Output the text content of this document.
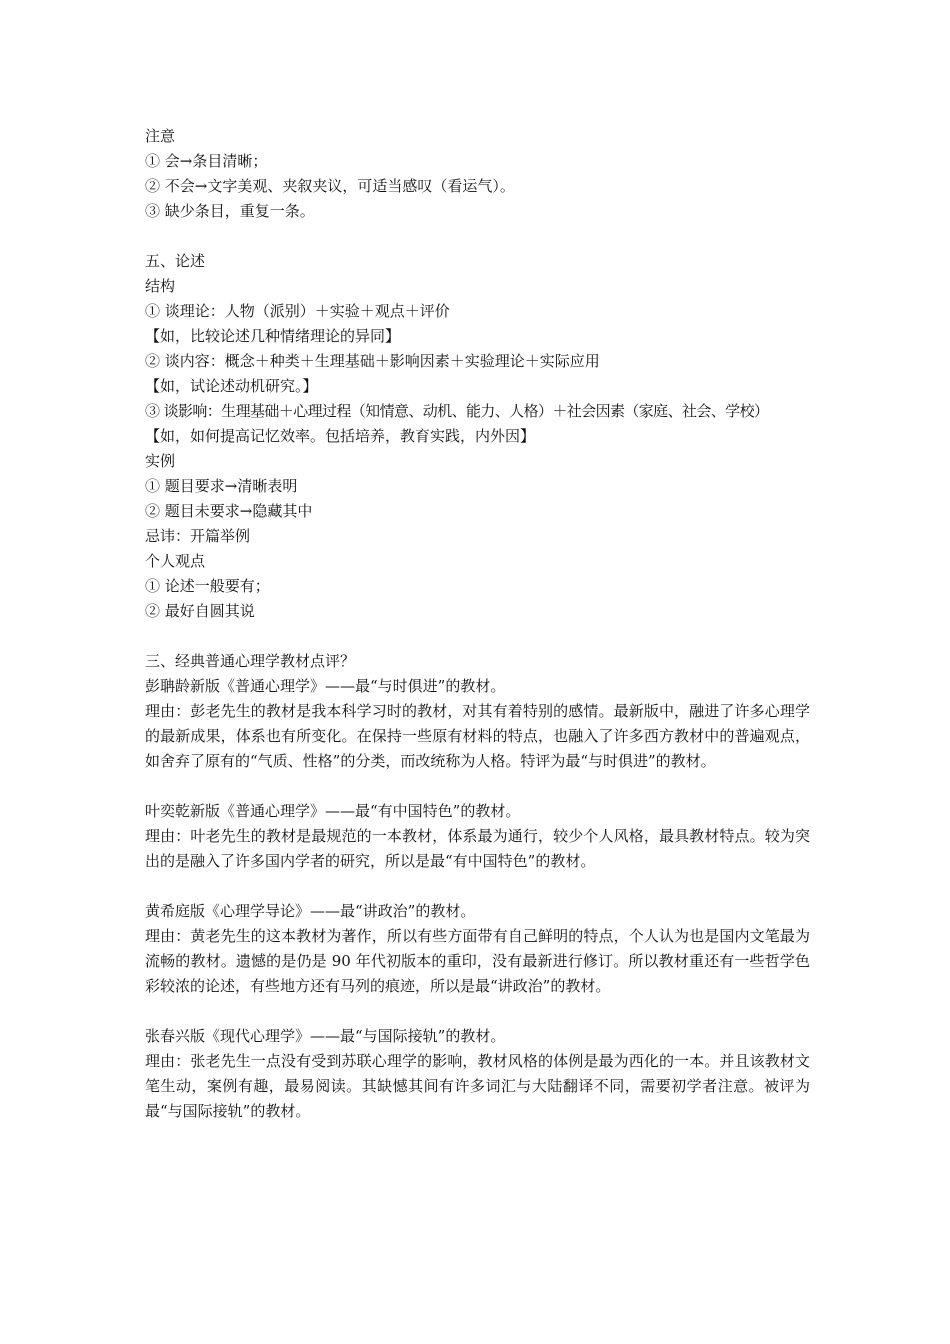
注意
① 会→条目清晰；
② 不会→文字美观、夹叙夹议，可适当感叹（看运气）。
③ 缺少条目，重复一条。
五、论述
结构
① 谈理论：人物（派别）＋实验＋观点＋评价
【如，比较论述几种情绪理论的异同】
② 谈内容：概念＋种类＋生理基础＋影响因素＋实验理论＋实际应用
【如，试论述动机研究。】
③ 谈影响：生理基础＋心理过程（知情意、动机、能力、人格）＋社会因素（家庭、社会、学校）
【如，如何提高记忆效率。包括培养，教育实践，内外因】
实例
① 题目要求→清晰表明
② 题目未要求→隐藏其中
忌讳：开篇举例
个人观点
① 论述一般要有；
② 最好自圆其说
三、经典普通心理学教材点评？
彭聃龄新版《普通心理学》——最“与时俱进”的教材。
理由：彭老先生的教材是我本科学习时的教材，对其有着特别的感情。最新版中，融进了许多心理学的最新成果，体系也有所变化。在保持一些原有材料的特点，也融入了许多西方教材中的普遍观点，如舍弃了原有的“气质、性格”的分类，而改统称为人格。特评为最“与时俱进”的教材。
叶奕乾新版《普通心理学》——最“有中国特色”的教材。
理由：叶老先生的教材是最规范的一本教材，体系最为通行，较少个人风格，最具教材特点。较为突出的是融入了许多国内学者的研究，所以是最“有中国特色”的教材。
黄希庭版《心理学导论》——最“讲政治”的教材。
理由：黄老先生的这本教材为著作，所以有些方面带有自己鲜明的特点，个人认为也是国内文笔最为流畅的教材。遗憾的是仍是 90 年代初版本的重印，没有最新进行修订。所以教材重还有一些哲学色彩较浓的论述，有些地方还有马列的痕迹，所以是最“讲政治”的教材。
张春兴版《现代心理学》——最“与国际接轨”的教材。
理由：张老先生一点没有受到苏联心理学的影响，教材风格的体例是最为西化的一本。并且该教材文笔生动，案例有趣，最易阅读。其缺憾其间有许多词汇与大陆翻译不同，需要初学者注意。被评为最“与国际接轨”的教材。
